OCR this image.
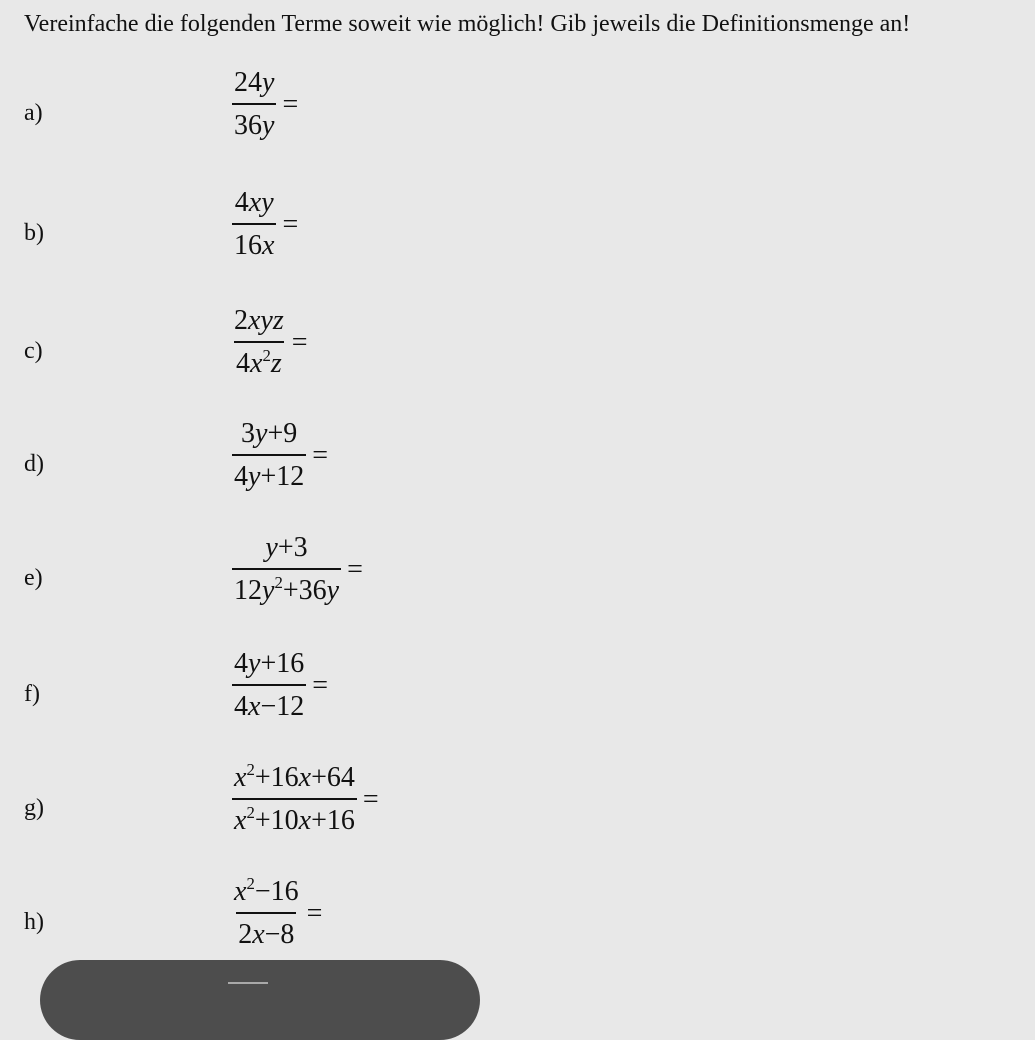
Vereinfache die folgenden Terme soweit wie möglich! Gib jeweils die Definitionsmenge an!
a)	$\frac{24y}{36y}$ =
b)	$\frac{4xy}{16x}$ =
c)	$\frac{\text{2xyz}}{4x^2z}$ =
d)	$\frac{3y+9}{4y+12}$ =
e)	$\frac{y+3}{12y^2+36y}$ =
f)	$\frac{4y+16}{4x-12}$ =
g)	$\frac{x^2+16x+64}{x^2+10x+16}$ =
h)	$\frac{x^2-16}{2x-8}$ =
